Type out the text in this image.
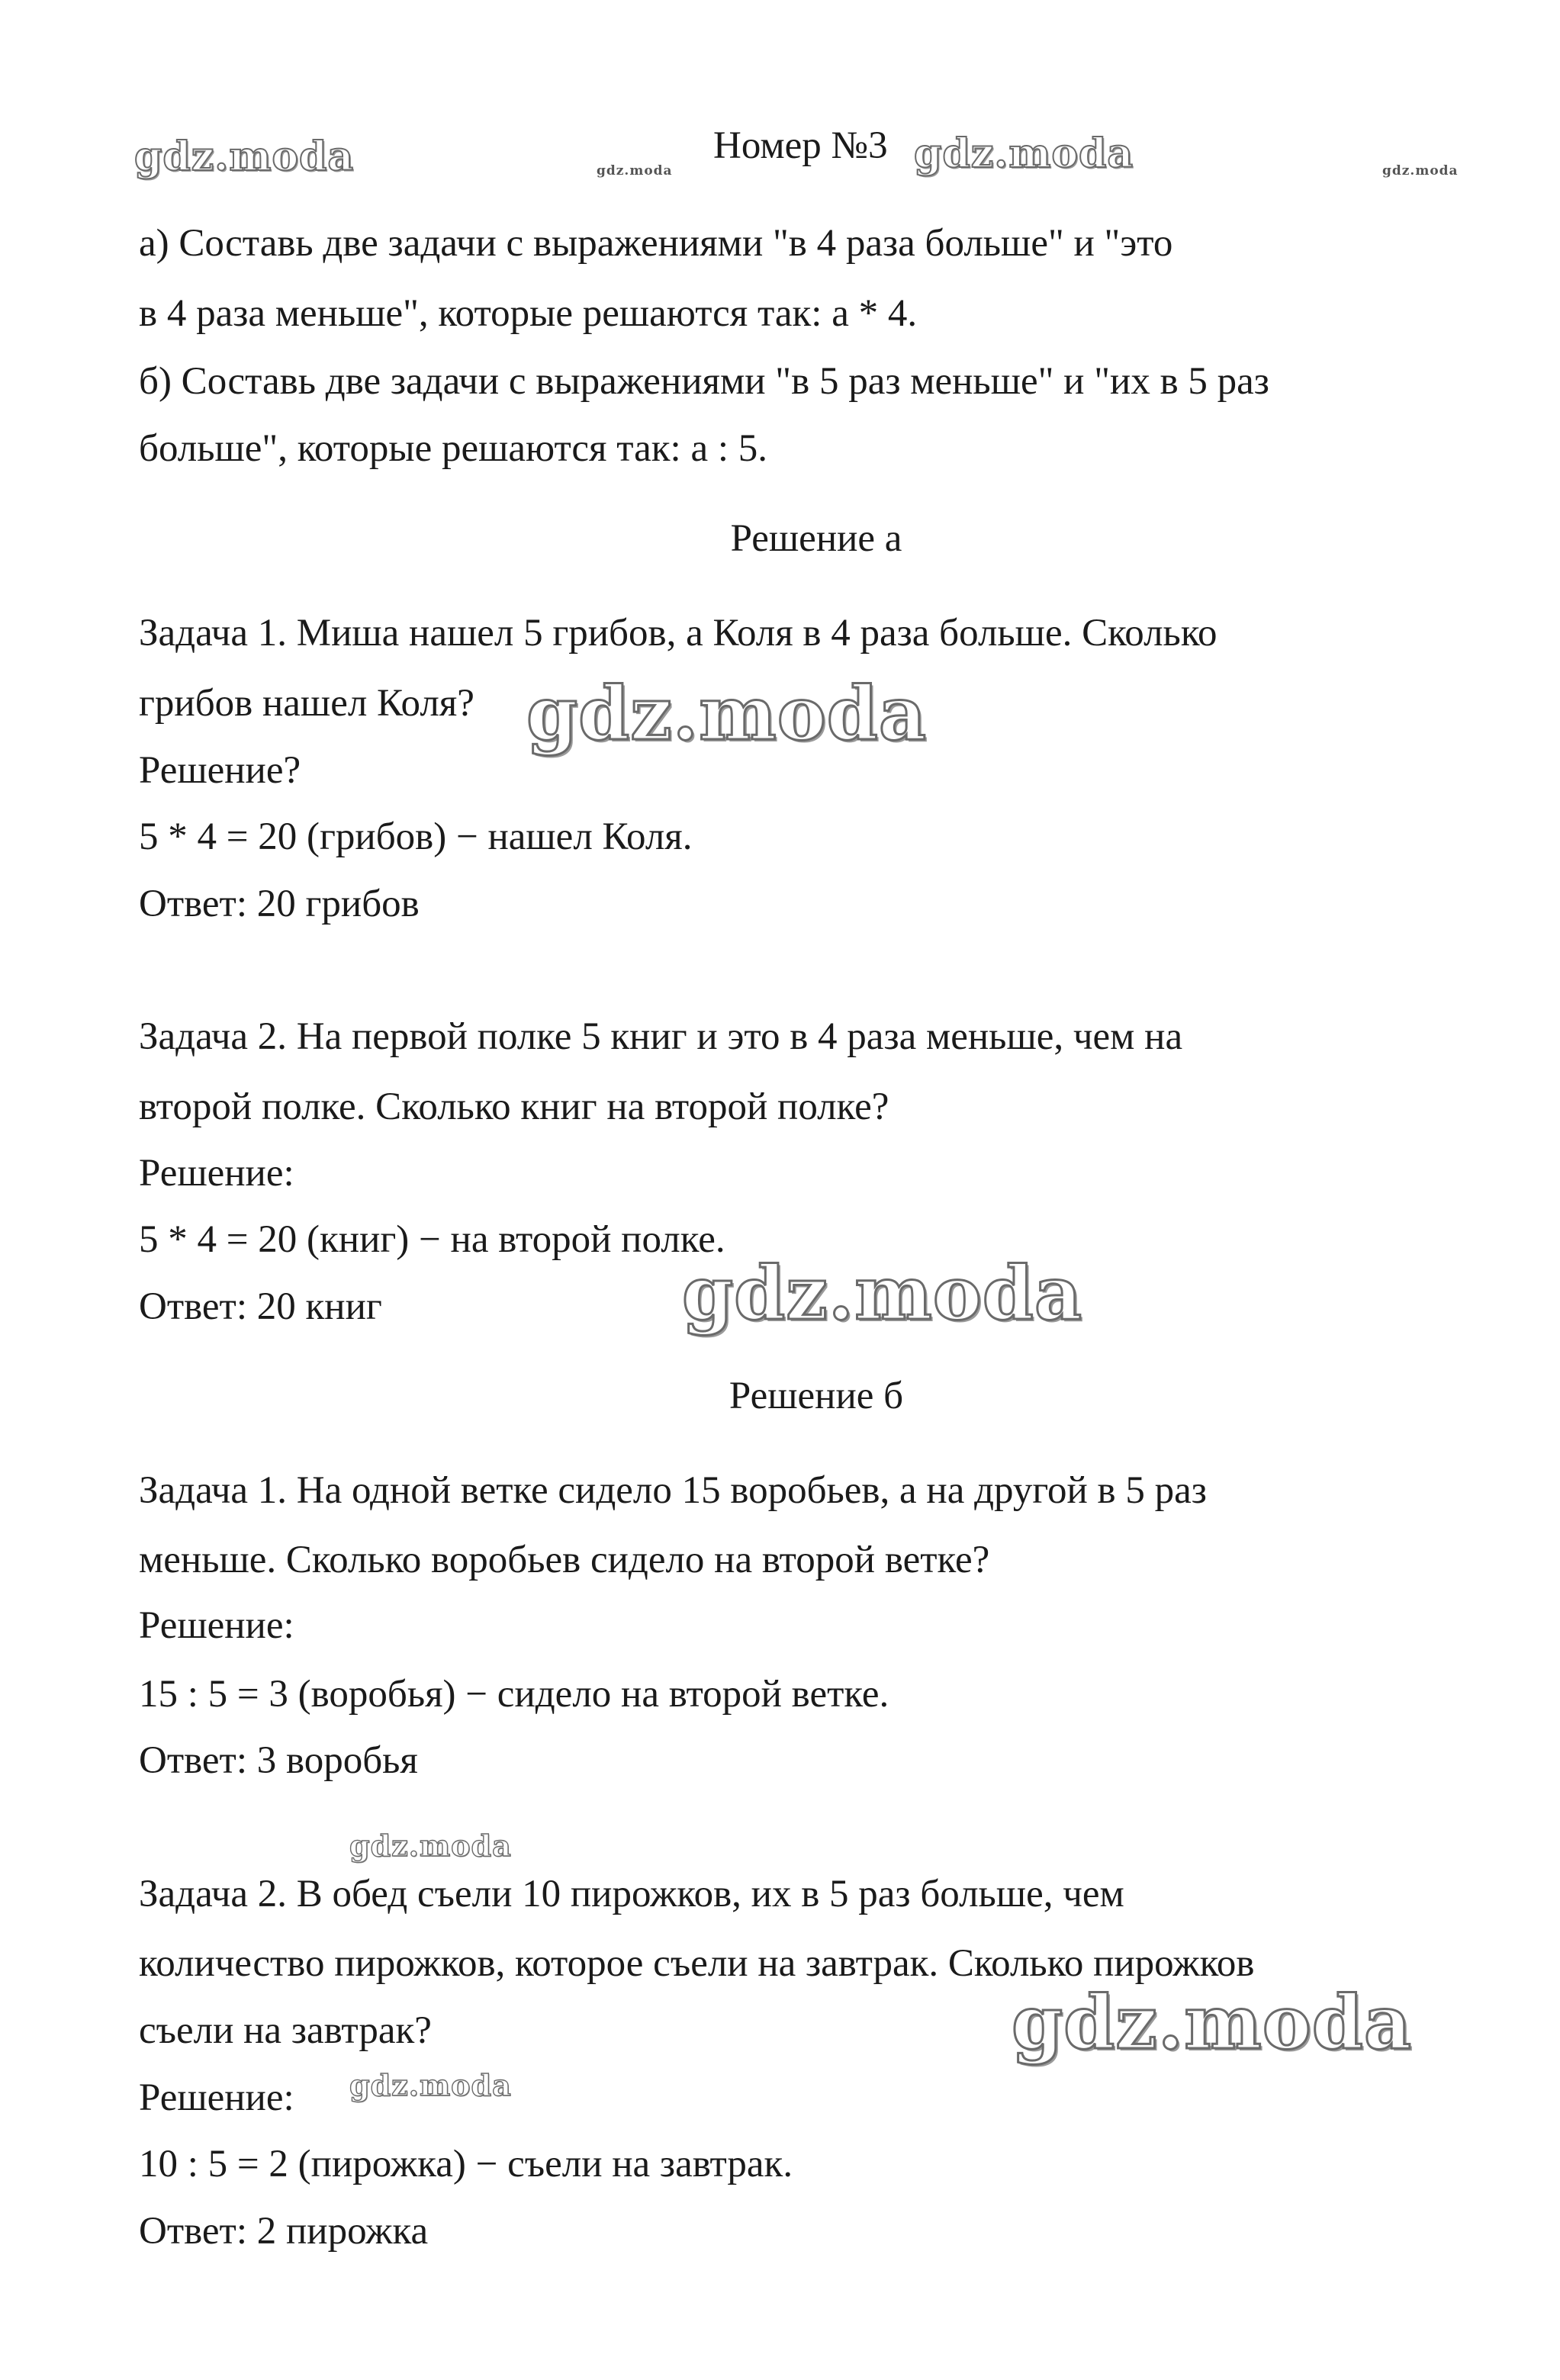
Номер №3
а) Составь две задачи с выражениями "в 4 раза больше" и "это
в 4 раза меньше", которые решаются так: а * 4.
б) Составь две задачи с выражениями "в 5 раз меньше" и "их в 5 раз
больше", которые решаются так: а : 5.
Решение а
Задача 1. Миша нашел 5 грибов, а Коля в 4 раза больше. Сколько
грибов нашел Коля?
Решение?
5 * 4 = 20 (грибов) − нашел Коля.
Ответ: 20 грибов
Задача 2. На первой полке 5 книг и это в 4 раза меньше, чем на
второй полке. Сколько книг на второй полке?
Решение:
5 * 4 = 20 (книг) − на второй полке.
Ответ: 20 книг
Решение б
Задача 1. На одной ветке сидело 15 воробьев, а на другой в 5 раз
меньше. Сколько воробьев сидело на второй ветке?
Решение:
15 : 5 = 3 (воробья) − сидело на второй ветке.
Ответ: 3 воробья
Задача 2. В обед съели 10 пирожков, их в 5 раз больше, чем
количество пирожков, которое съели на завтрак. Сколько пирожков
съели на завтрак?
Решение:
10 : 5 = 2 (пирожка) − съели на завтрак.
Ответ: 2 пирожка
gdz.moda	gdz.moda	gdz.moda	gdz.moda
gdz.moda
gdz.moda
gdz.moda
gdz.moda
gdz.moda
